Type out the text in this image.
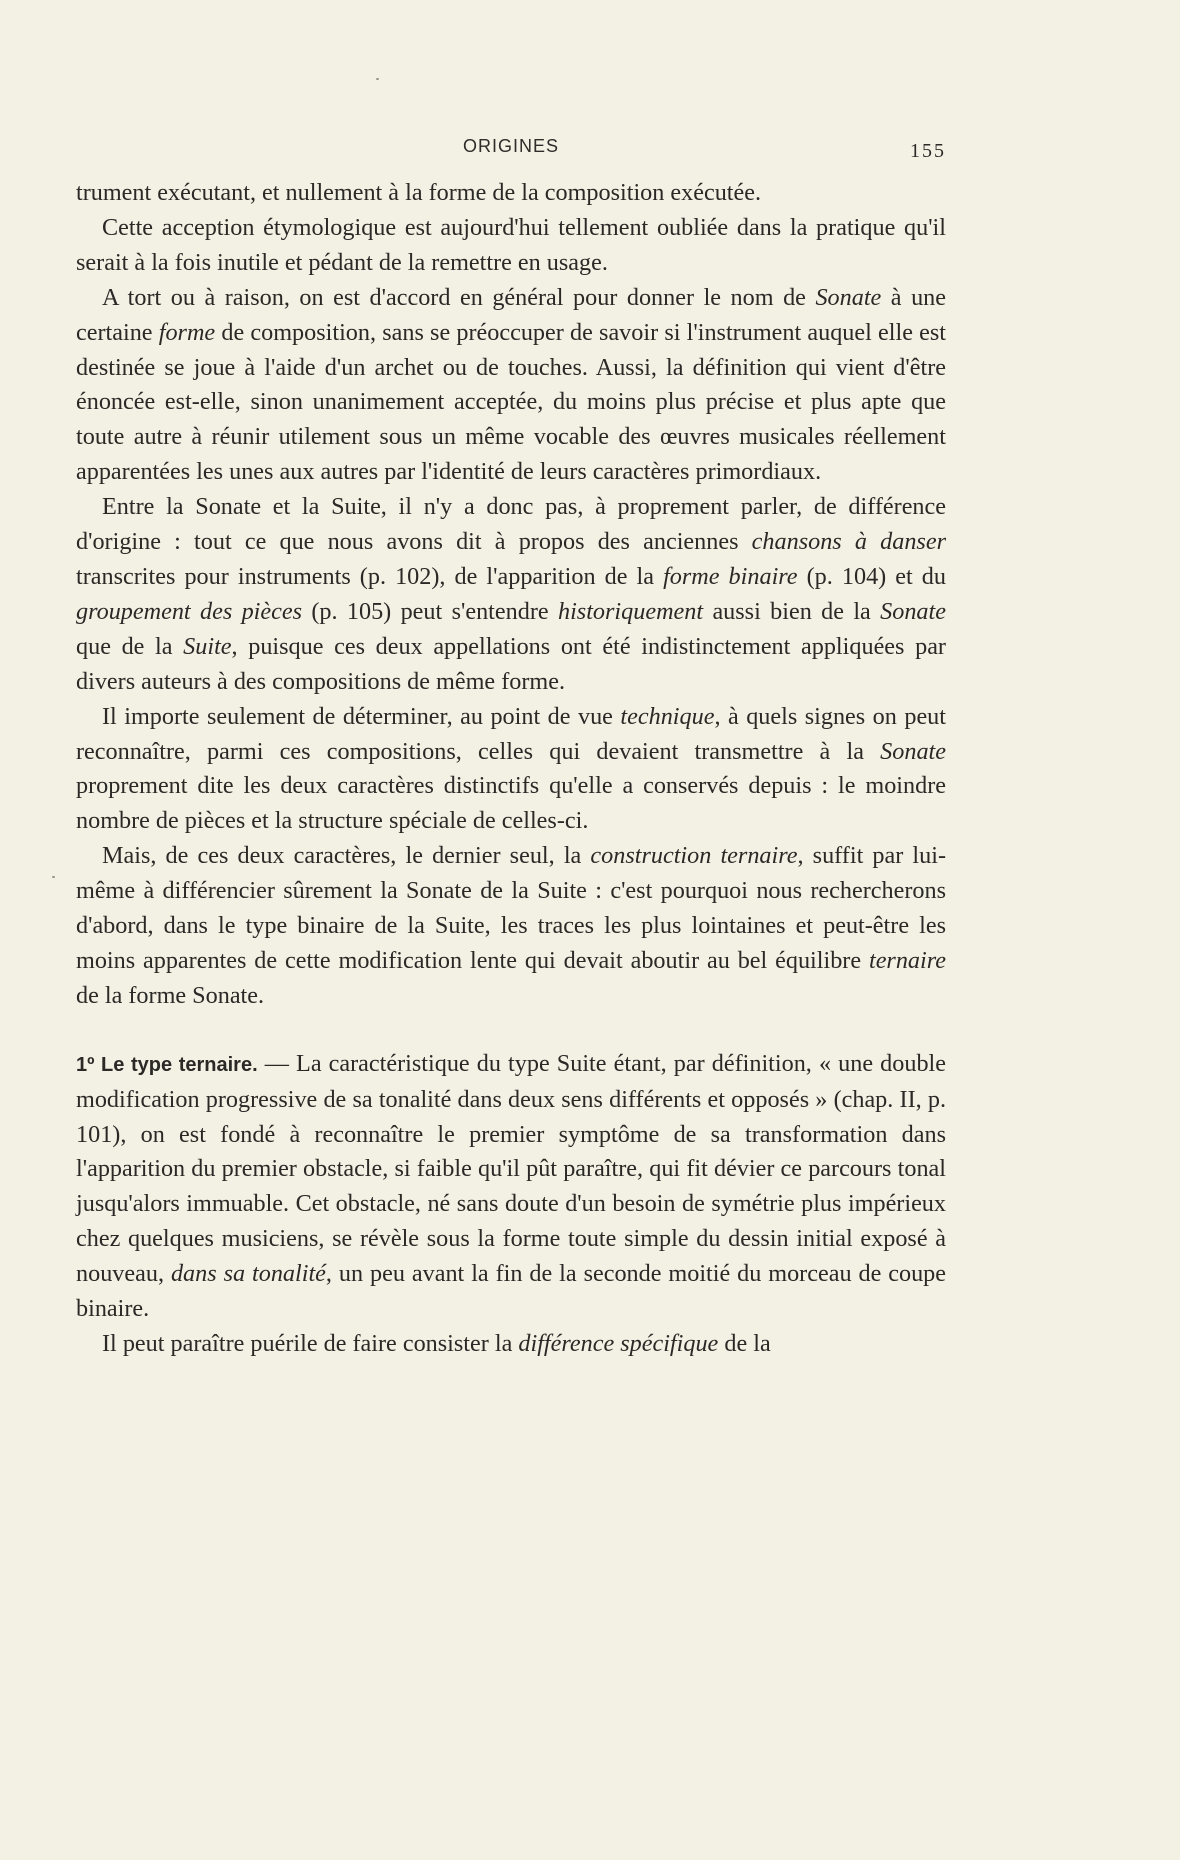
ORIGINES	155

trument exécutant, et nullement à la forme de la composition exécutée.

Cette acception étymologique est aujourd'hui tellement oubliée dans la pratique qu'il serait à la fois inutile et pédant de la remettre en usage.

A tort ou à raison, on est d'accord en général pour donner le nom de Sonate à une certaine forme de composition, sans se préoccuper de savoir si l'instrument auquel elle est destinée se joue à l'aide d'un archet ou de touches. Aussi, la définition qui vient d'être énoncée est-elle, sinon unanimement acceptée, du moins plus précise et plus apte que toute autre à réunir utilement sous un même vocable des œuvres musicales réellement apparentées les unes aux autres par l'identité de leurs caractères primordiaux.

Entre la Sonate et la Suite, il n'y a donc pas, à proprement parler, de différence d'origine : tout ce que nous avons dit à propos des anciennes chansons à danser transcrites pour instruments (p. 102), de l'apparition de la forme binaire (p. 104) et du groupement des pièces (p. 105) peut s'entendre historiquement aussi bien de la Sonate que de la Suite, puisque ces deux appellations ont été indistinctement appliquées par divers auteurs à des compositions de même forme.

Il importe seulement de déterminer, au point de vue technique, à quels signes on peut reconnaître, parmi ces compositions, celles qui devaient transmettre à la Sonate proprement dite les deux caractères distinctifs qu'elle a conservés depuis : le moindre nombre de pièces et la structure spéciale de celles-ci.

Mais, de ces deux caractères, le dernier seul, la construction ternaire, suffit par lui-même à différencier sûrement la Sonate de la Suite : c'est pourquoi nous rechercherons d'abord, dans le type binaire de la Suite, les traces les plus lointaines et peut-être les moins apparentes de cette modification lente qui devait aboutir au bel équilibre ternaire de la forme Sonate.

1º Le type ternaire. — La caractéristique du type Suite étant, par définition, « une double modification progressive de sa tonalité dans deux sens différents et opposés » (chap. II, p. 101), on est fondé à reconnaître le premier symptôme de sa transformation dans l'apparition du premier obstacle, si faible qu'il pût paraître, qui fit dévier ce parcours tonal jusqu'alors immuable. Cet obstacle, né sans doute d'un besoin de symétrie plus impérieux chez quelques musiciens, se révèle sous la forme toute simple du dessin initial exposé à nouveau, dans sa tonalité, un peu avant la fin de la seconde moitié du morceau de coupe binaire.

Il peut paraître puérile de faire consister la différence spécifique de la
